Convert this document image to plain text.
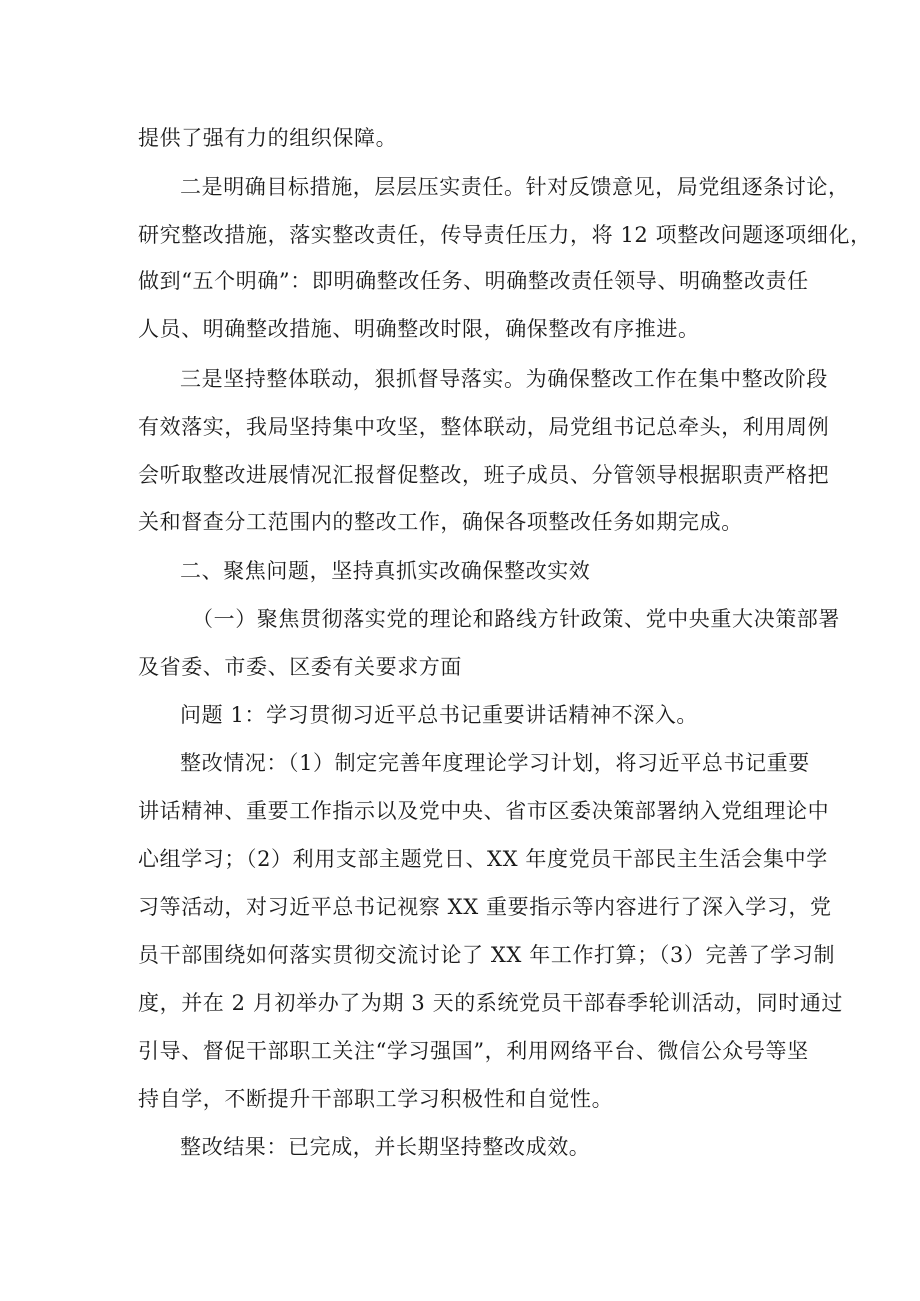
提供了强有力的组织保障。
二是明确目标措施，层层压实责任。针对反馈意见，局党组逐条讨论，
研究整改措施，落实整改责任，传导责任压力，将 12 项整改问题逐项细化，
做到“五个明确”：即明确整改任务、明确整改责任领导、明确整改责任
人员、明确整改措施、明确整改时限，确保整改有序推进。
三是坚持整体联动，狠抓督导落实。为确保整改工作在集中整改阶段
有效落实，我局坚持集中攻坚，整体联动，局党组书记总牵头，利用周例
会听取整改进展情况汇报督促整改，班子成员、分管领导根据职责严格把
关和督查分工范围内的整改工作，确保各项整改任务如期完成。
二、聚焦问题，坚持真抓实改确保整改实效
（一）聚焦贯彻落实党的理论和路线方针政策、党中央重大决策部署
及省委、市委、区委有关要求方面
问题 1：学习贯彻习近平总书记重要讲话精神不深入。
整改情况：（1）制定完善年度理论学习计划，将习近平总书记重要
讲话精神、重要工作指示以及党中央、省市区委决策部署纳入党组理论中
心组学习；（2）利用支部主题党日、XX 年度党员干部民主生活会集中学
习等活动，对习近平总书记视察 XX 重要指示等内容进行了深入学习，党
员干部围绕如何落实贯彻交流讨论了 XX 年工作打算；（3）完善了学习制
度，并在 2 月初举办了为期 3 天的系统党员干部春季轮训活动，同时通过
引导、督促干部职工关注“学习强国”，利用网络平台、微信公众号等坚
持自学，不断提升干部职工学习积极性和自觉性。
整改结果：已完成，并长期坚持整改成效。
